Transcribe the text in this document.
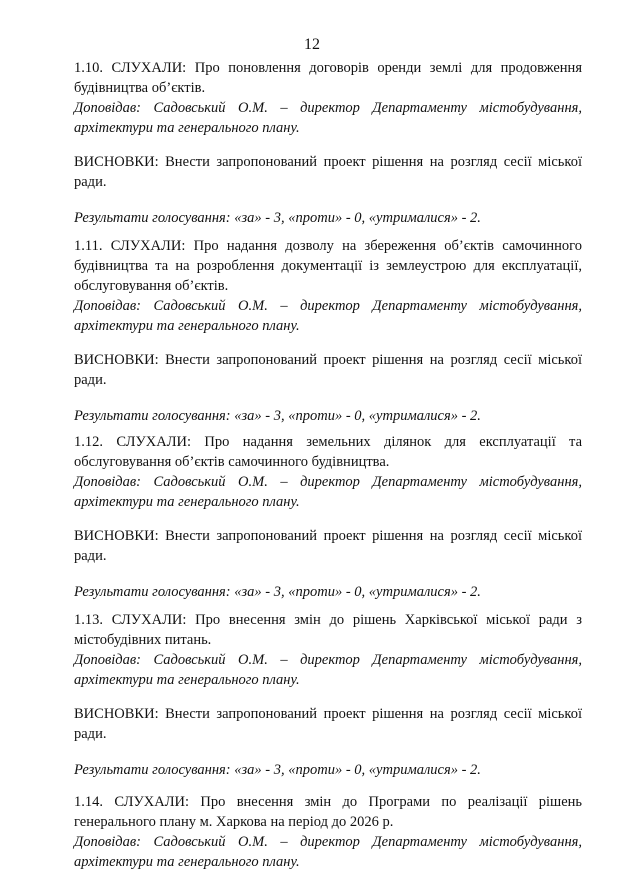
12

1.10. СЛУХАЛИ: Про поновлення договорів оренди землі для продовження будівництва об’єктів.

Доповідав: Садовський О.М. – директор Департаменту містобудування, архітектури та генерального плану.

ВИСНОВКИ: Внести запропонований проект рішення на розгляд сесії міської ради.

Результати голосування: «за» - 3, «проти» - 0, «утрималися» - 2.

1.11. СЛУХАЛИ: Про надання дозволу на збереження об’єктів самочинного будівництва та на розроблення документації із землеустрою для експлуатації, обслуговування об’єктів.

Доповідав: Садовський О.М. – директор Департаменту містобудування, архітектури та генерального плану.

ВИСНОВКИ: Внести запропонований проект рішення на розгляд сесії міської ради.

Результати голосування: «за» - 3, «проти» - 0, «утрималися» - 2.

1.12. СЛУХАЛИ: Про надання земельних ділянок для експлуатації та обслуговування об’єктів самочинного будівництва.

Доповідав: Садовський О.М. – директор Департаменту містобудування, архітектури та генерального плану.

ВИСНОВКИ: Внести запропонований проект рішення на розгляд сесії міської ради.

Результати голосування: «за» - 3, «проти» - 0, «утрималися» - 2.

1.13. СЛУХАЛИ: Про внесення змін до рішень Харківської міської ради з містобудівних питань.

Доповідав: Садовський О.М. – директор Департаменту містобудування, архітектури та генерального плану.

ВИСНОВКИ: Внести запропонований проект рішення на розгляд сесії міської ради.

Результати голосування: «за» - 3, «проти» - 0, «утрималися» - 2.

1.14. СЛУХАЛИ: Про внесення змін до Програми по реалізації рішень генерального плану м. Харкова на період до 2026 р.

Доповідав: Садовський О.М. – директор Департаменту містобудування, архітектури та генерального плану.
